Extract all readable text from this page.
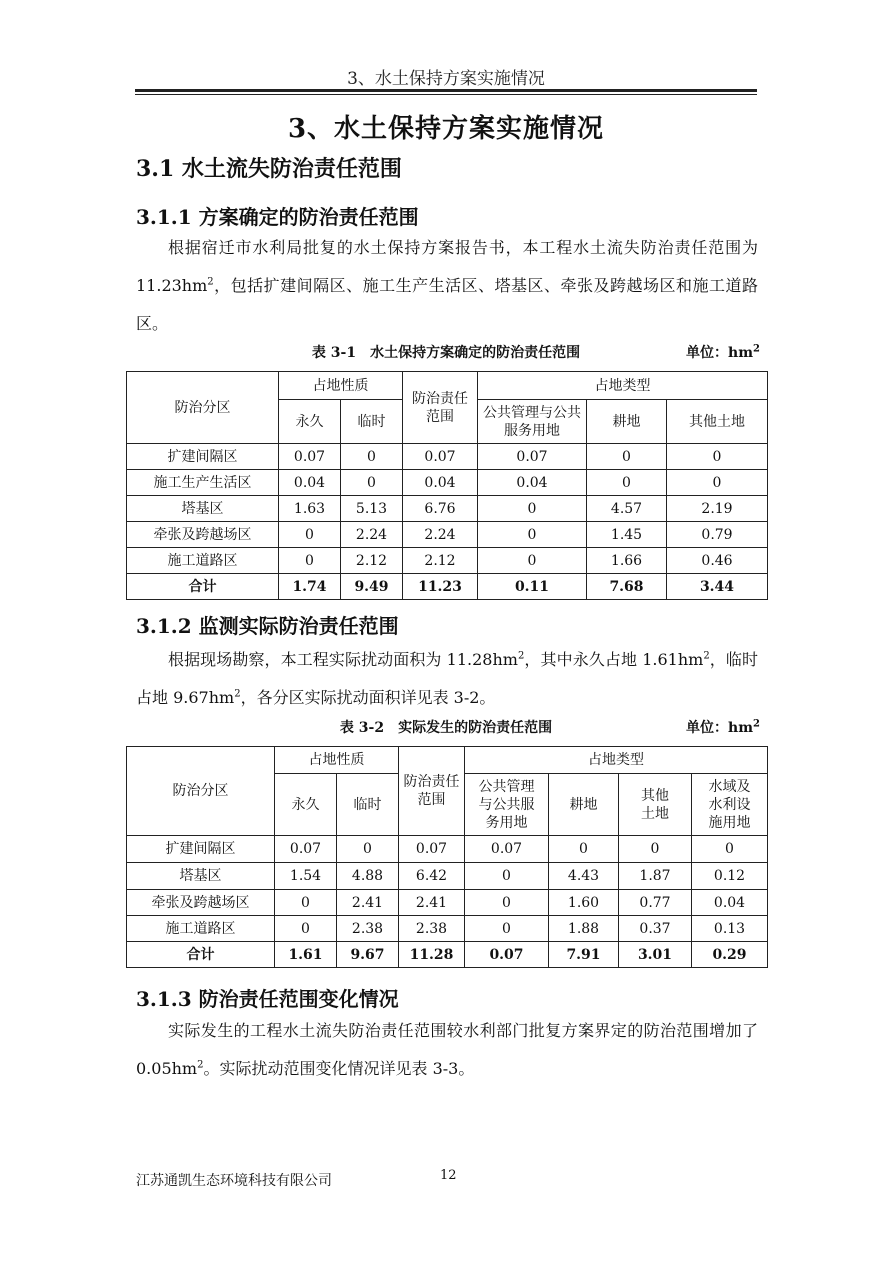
3、水土保持方案实施情况
3、水土保持方案实施情况
3.1 水土流失防治责任范围
3.1.1 方案确定的防治责任范围
根据宿迁市水利局批复的水土保持方案报告书，本工程水土流失防治责任范围为 $11.23hm^2$，包括扩建间隔区、施工生产生活区、塔基区、牵张及跨越场区和施工道路区。
表 3-1　水土保持方案确定的防治责任范围	单位：$hm^2$
防治分区	占地性质		防治责任范围	占地类型		
	永久	临时		公共管理与公共服务用地	耕地	其他土地
扩建间隔区	0.07	0	0.07	0.07	0	0
施工生产生活区	0.04	0	0.04	0.04	0	0
塔基区	1.63	5.13	6.76	0	4.57	2.19
牵张及跨越场区	0	2.24	2.24	0	1.45	0.79
施工道路区	0	2.12	2.12	0	1.66	0.46
合计	1.74	9.49	11.23	0.11	7.68	3.44
3.1.2 监测实际防治责任范围
根据现场勘察，本工程实际扰动面积为 $11.28hm^2$，其中永久占地 $1.61hm^2$，临时占地 $9.67hm^2$，各分区实际扰动面积详见表 3-2。
表 3-2　实际发生的防治责任范围	单位：$hm^2$
防治分区	占地性质		防治责任范围	占地类型			
	永久	临时		公共管理与公共服务用地	耕地	其他土地	水域及水利设施用地

扩建间隔区	0.07	0	0.07	0.07	0	0	0
塔基区	1.54	4.88	6.42	0	4.43	1.87	0.12
牵张及跨越场区	0	2.41	2.41	0	1.60	0.77	0.04
施工道路区	0	2.38	2.38	0	1.88	0.37	0.13
合计	1.61	9.67	11.28	0.07	7.91	3.01	0.29
3.1.3 防治责任范围变化情况
实际发生的工程水土流失防治责任范围较水利部门批复方案界定的防治范围增加了 $0.05hm^2$。实际扰动范围变化情况详见表 3-3。
江苏通凯生态环境科技有限公司	12
